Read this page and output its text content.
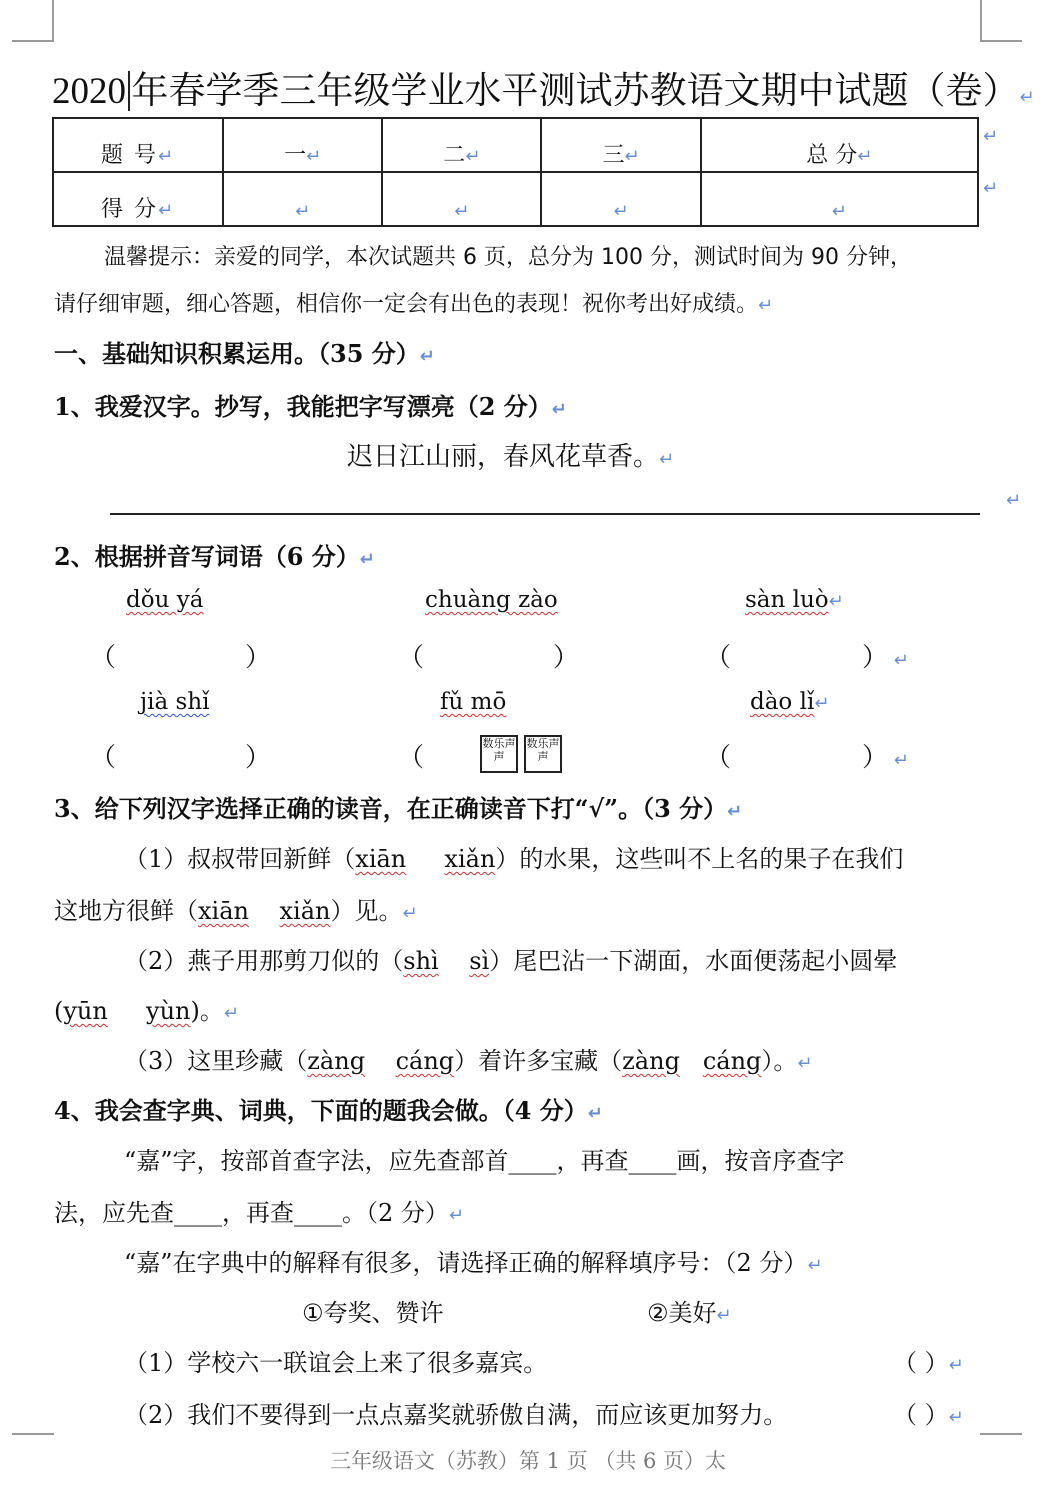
2020 年春学季三年级学业水平测试苏教语文期中试题（卷）↵
题 号↵	一↵	二↵	三↵	总 分↵
得 分↵	↵	↵	↵	↵
↵
↵
温馨提示：亲爱的同学，本次试题共 6 页，总分为 100 分，测试时间为 90 分钟，
请仔细审题，细心答题，相信你一定会有出色的表现！祝你考出好成绩。↵
一、基础知识积累运用。（35 分）↵
1、我爱汉字。抄写，我能把字写漂亮（2 分）↵
迟日江山丽，春风花草香。↵
↵
2、根据拼音写词语（6 分）↵
dǒu yá	chuàng zào	sàn luò↵
（	）	（	）	（	） ↵
jià shǐ	fǔ mō	dào lǐ↵
（	）	（	数乐声声数乐声声	（	） ↵
3、给下列汉字选择正确的读音，在正确读音下打“√”。（3 分）↵
（1）叔叔带回新鲜（xiān xiǎn）的水果，这些叫不上名的果子在我们
这地方很鲜（xiān xiǎn）见。↵
（2）燕子用那剪刀似的（shì sì）尾巴沾一下湖面，水面便荡起小圆晕
(yūn yùn)。↵
（3）这里珍藏（zàng cáng）着许多宝藏（zàng cáng）。↵
4、我会查字典、词典，下面的题我会做。（4 分）↵
“嘉”字，按部首查字法，应先查部首____，再查____画，按音序查字
法，应先查____，再查____。（2 分）↵
“嘉”在字典中的解释有很多，请选择正确的解释填序号：（2 分）↵
①夸奖、赞许	②美好↵
（1）学校六一联谊会上来了很多嘉宾。	（ ）↵
（2）我们不要得到一点点嘉奖就骄傲自满，而应该更加努力。	（ ）↵
三年级语文（苏教）第 1 页 （共 6 页）太
